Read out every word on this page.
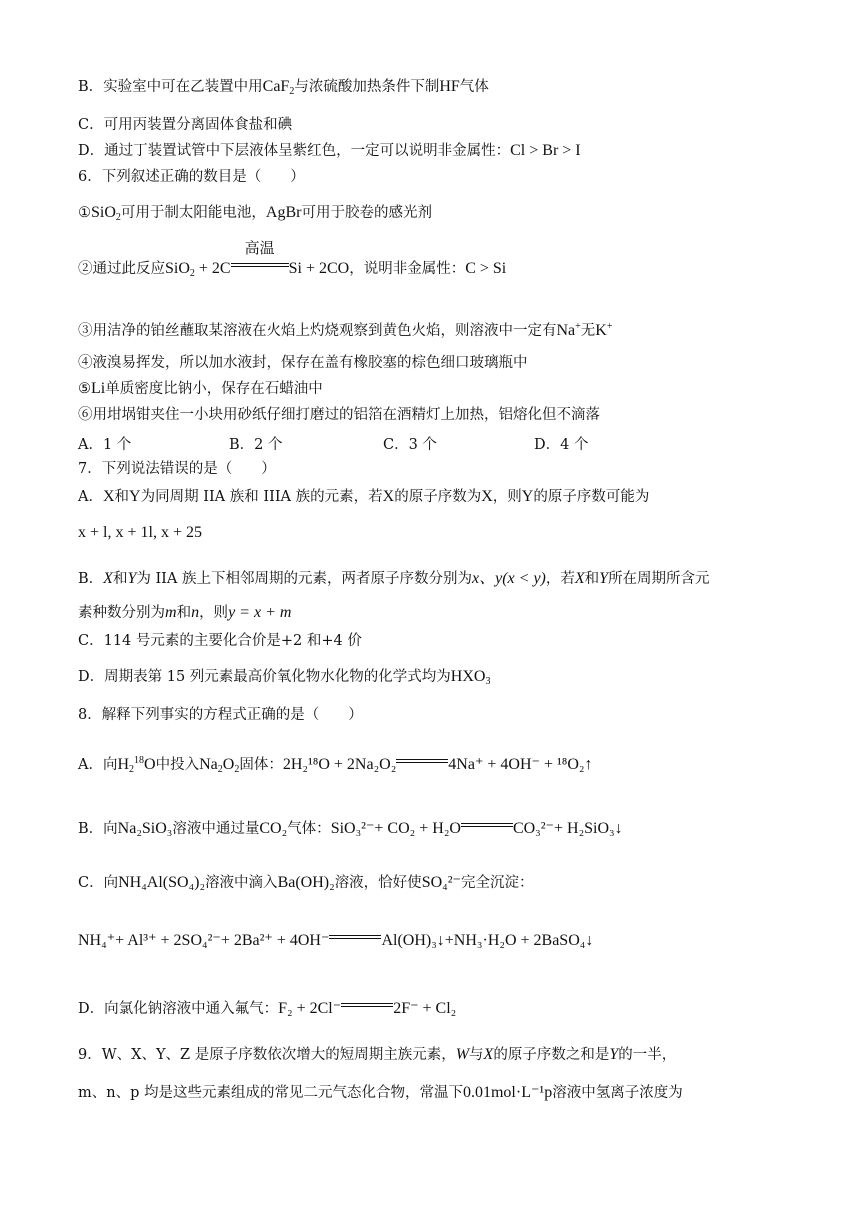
B．实验室中可在乙装置中用CaF$_2$与浓硫酸加热条件下制HF气体
C．可用丙装置分离固体食盐和碘
D．通过丁装置试管中下层液体呈紫红色，一定可以说明非金属性：Cl > Br > I
6．下列叙述正确的数目是（　　）
①SiO$_2$可用于制太阳能电池，AgBr可用于胶卷的感光剂
②通过此反应SiO$_2$ + 2C
高温
Si + 2CO，说明非金属性：C > Si
③用洁净的铂丝蘸取某溶液在火焰上灼烧观察到黄色火焰，则溶液中一定有Na+无K+
④液溴易挥发，所以加水液封，保存在盖有橡胶塞的棕色细口玻璃瓶中
⑤Li单质密度比钠小，保存在石蜡油中
⑥用坩埚钳夹住一小块用砂纸仔细打磨过的铝箔在酒精灯上加热，铝熔化但不滴落
A．1 个	B．2 个	C．3 个	D．4 个
7．下列说法错误的是（　　）
A．X和Y为同周期 IIA 族和 IIIA 族的元素，若X的原子序数为X，则Y的原子序数可能为
x + l, x + 1l, x + 25
B．X和Y为 IIA 族上下相邻周期的元素，两者原子序数分别为x、y(x < y)，若X和Y所在周期所含元
素种数分别为m和n，则y = x + m
C．114 号元素的主要化合价是+2 和+4 价
D．周期表第 15 列元素最高价氧化物水化物的化学式均为$HXO_3$
8．解释下列事实的方程式正确的是（　　）
A．向$H_2^{18}O$中投入$Na_2O_2$固体：2H₂¹⁸O + 2Na₂O₂	4Na⁺ + 4OH⁻ + ¹⁸O₂↑
B．向Na₂SiO₃溶液中通过量CO₂气体：SiO₃²⁻+ CO₂ + H₂O	CO₃²⁻+ H₂SiO₃↓
C．向NH₄Al(SO₄)₂溶液中滴入Ba(OH)₂溶液，恰好使SO₄²⁻完全沉淀：
NH₄⁺+ Al³⁺ + 2SO₄²⁻+ 2Ba²⁺ + 4OH⁻	Al(OH)₃↓+NH₃·H₂O + 2BaSO₄↓
D．向氯化钠溶液中通入氟气：F₂ + 2Cl⁻	2F⁻ + Cl₂
9．W、X、Y、Z 是原子序数依次增大的短周期主族元素，W与X的原子序数之和是Y的一半，
m、n、p 均是这些元素组成的常见二元气态化合物，常温下0.01mol·L⁻¹p溶液中氢离子浓度为
